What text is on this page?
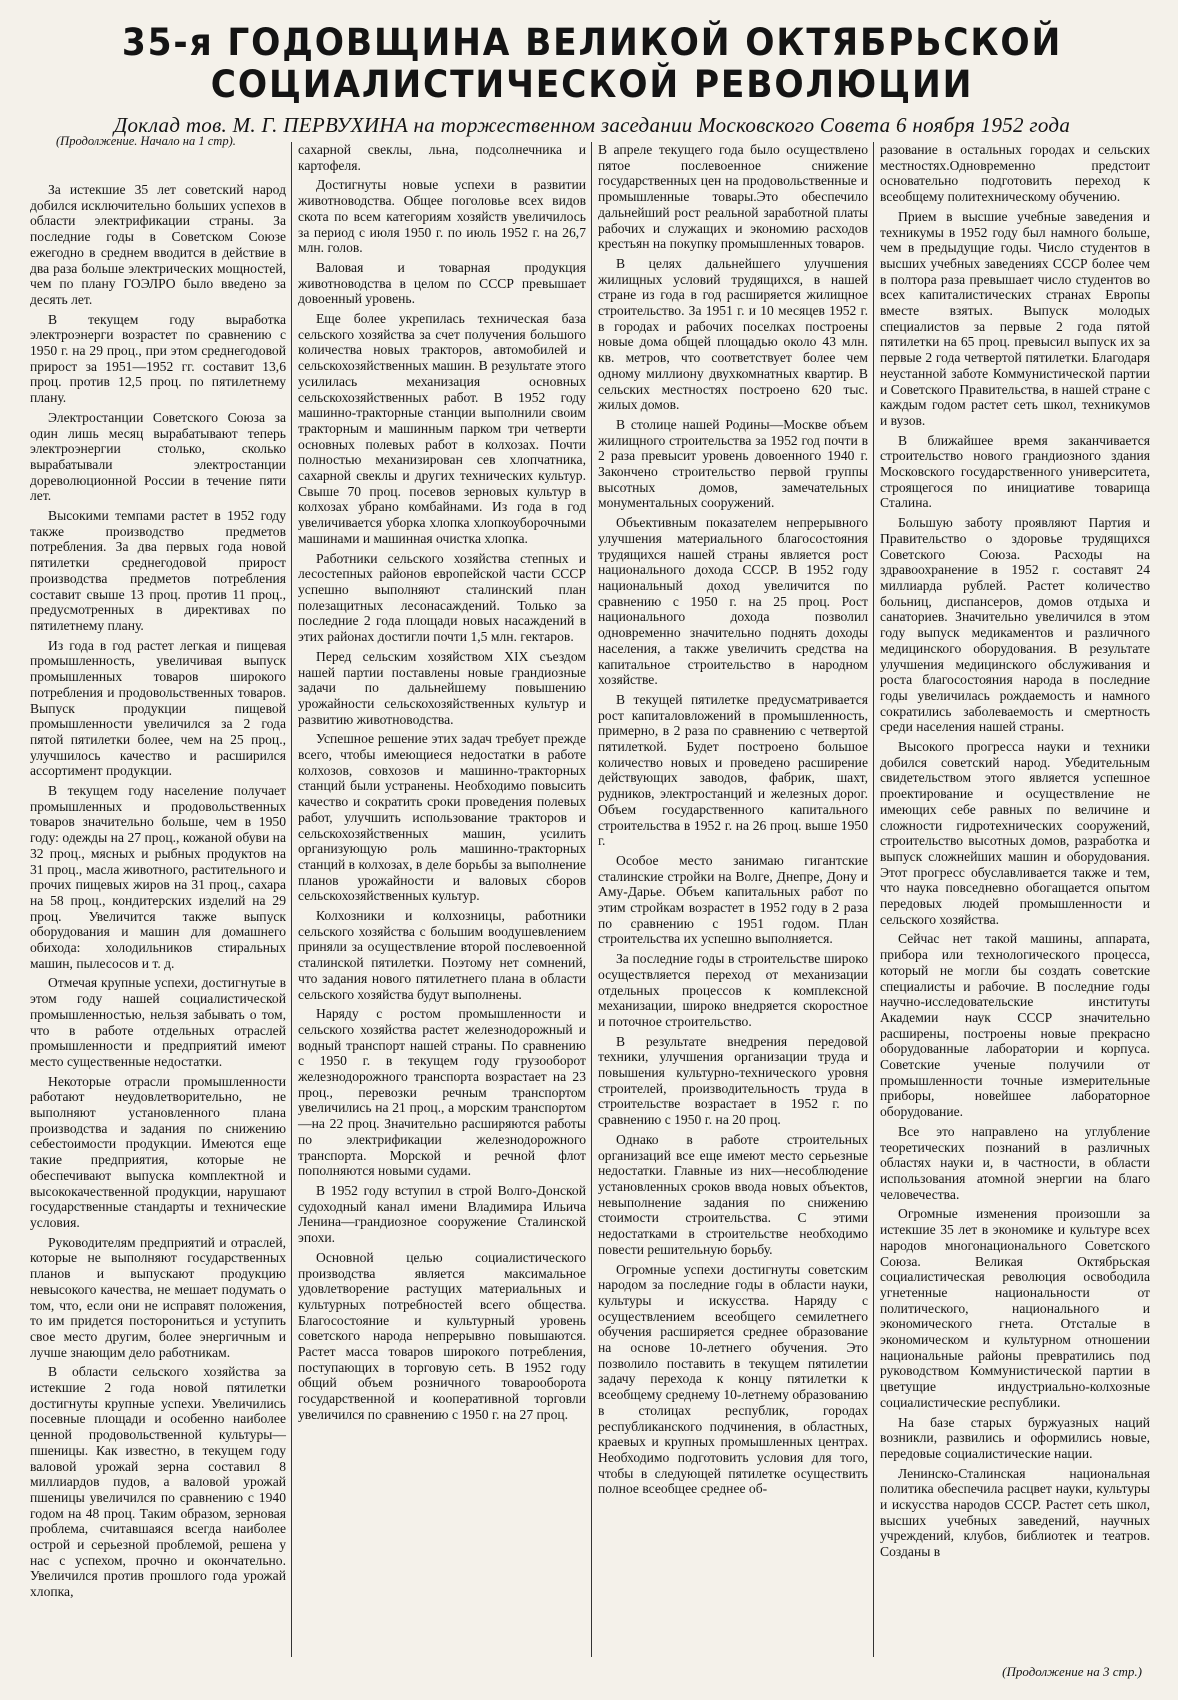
35-я ГОДОВЩИНА ВЕЛИКОЙ ОКТЯБРЬСКОЙ
СОЦИАЛИСТИЧЕСКОЙ РЕВОЛЮЦИИ
Доклад тов. М. Г. ПЕРВУХИНА на торжественном заседании Московского Совета 6 ноября 1952 года
(Продолжение. Начало на 1 стр).

За истекшие 35 лет советский народ добился исключительно больших успехов в области электрификации страны. За последние годы в Советском Союзе ежегодно в среднем вводится в действие в два раза больше электрических мощностей, чем по плану ГОЭЛРО было введено за десять лет.

В текущем году выработка электроэнерги возрастет по сравнению с 1950 г. на 29 проц., при этом среднегодовой прирост за 1951—1952 гг. составит 13,6 проц. против 12,5 проц. по пятилетнему плану.

Электростанции Советского Союза за один лишь месяц вырабатывают теперь электроэнергии столько, сколько вырабатывали электростанции дореволюционной России в течение пяти лет.

Высокими темпами растет в 1952 году также производство предметов потребления. За два первых года новой пятилетки среднегодовой прирост производства предметов потребления составит свыше 13 проц. против 11 проц., предусмотренных в директивах по пятилетнему плану.

Из года в год растет легкая и пищевая промышленность, увеличивая выпуск промышленных товаров широкого потребления и продовольственных товаров. Выпуск продукции пищевой промышленности увеличился за 2 года пятой пятилетки более, чем на 25 проц., улучшилось качество и расширился ассортимент продукции.

В текущем году население получает промышленных и продовольственных товаров значительно больше, чем в 1950 году: одежды на 27 проц., кожаной обуви на 32 проц., мясных и рыбных продуктов на 31 проц., масла животного, растительного и прочих пищевых жиров на 31 проц., сахара на 58 проц., кондитерских изделий на 29 проц. Увеличится также выпуск оборудования и машин для домашнего обихода: холодильников стиральных машин, пылесосов и т. д.

Отмечая крупные успехи, достигнутые в этом году нашей социалистической промышленностью, нельзя забывать о том, что в работе отдельных отраслей промышленности и предприятий имеют место существенные недостатки.

Некоторые отрасли промышленности работают неудовлетворительно, не выполняют установленного плана производства и задания по снижению себестоимости продукции. Имеются еще такие предприятия, которые не обеспечивают выпуска комплектной и высококачественной продукции, нарушают государственные стандарты и технические условия.

Руководителям предприятий и отраслей, которые не выполняют государственных планов и выпускают продукцию невысокого качества, не мешает подумать о том, что, если они не исправят положения, то им придется посторониться и уступить свое место другим, более энергичным и лучше знающим дело работникам.

В области сельского хозяйства за истекшие 2 года новой пятилетки достигнуты крупные успехи. Увеличились посевные площади и особенно наиболее ценной продовольственной культуры—пшеницы. Как известно, в текущем году валовой урожай зерна составил 8 миллиардов пудов, а валовой урожай пшеницы увеличился по сравнению с 1940 годом на 48 проц. Таким образом, зерновая проблема, считавшаяся всегда наиболее острой и серьезной проблемой, решена у нас с успехом, прочно и окончательно. Увеличился против прошлого года урожай хлопка,

сахарной свеклы, льна, подсолнечника и картофеля.

Достигнуты новые успехи в развитии животноводства. Общее поголовье всех видов скота по всем категориям хозяйств увеличилось за период с июля 1950 г. по июль 1952 г. на 26,7 млн. голов.

Валовая и товарная продукция животноводства в целом по СССР превышает довоенный уровень.

Еще более укрепилась техническая база сельского хозяйства за счет получения большого количества новых тракторов, автомобилей и сельскохозяйственных машин. В результате этого усилилась механизация основных сельскохозяйственных работ. В 1952 году машинно-тракторные станции выполнили своим тракторным и машинным парком три четверти основных полевых работ в колхозах. Почти полностью механизирован сев хлопчатника, сахарной свеклы и других технических культур. Свыше 70 проц. посевов зерновых культур в колхозах убрано комбайнами. Из года в год увеличивается уборка хлопка хлопкоуборочными машинами и машинная очистка хлопка.

Работники сельского хозяйства степных и лесостепных районов европейской части СССР успешно выполняют сталинский план полезащитных лесонасаждений. Только за последние 2 года площади новых насаждений в этих районах достигли почти 1,5 млн. гектаров.

Перед сельским хозяйством XIX съездом нашей партии поставлены новые грандиозные задачи по дальнейшему повышению урожайности сельскохозяйственных культур и развитию животноводства.

Успешное решение этих задач требует прежде всего, чтобы имеющиеся недостатки в работе колхозов, совхозов и машинно-тракторных станций были устранены. Необходимо повысить качество и сократить сроки проведения полевых работ, улучшить использование тракторов и сельскохозяйственных машин, усилить организующую роль машинно-тракторных станций в колхозах, в деле борьбы за выполнение планов урожайности и валовых сборов сельскохозяйственных культур.

Колхозники и колхозницы, работники сельского хозяйства с большим воодушевлением приняли за осуществление второй послевоенной сталинской пятилетки. Поэтому нет сомнений, что задания нового пятилетнего плана в области сельского хозяйства будут выполнены.

Наряду с ростом промышленности и сельского хозяйства растет железнодорожный и водный транспорт нашей страны. По сравнению с 1950 г. в текущем году грузооборот железнодорожного транспорта возрастает на 23 проц., перевозки речным транспортом увеличились на 21 проц., а морским транспортом—на 22 проц. Значительно расширяются работы по электрификации железнодорожного транспорта. Морской и речной флот пополняются новыми судами.

В 1952 году вступил в строй Волго-Донской судоходный канал имени Владимира Ильича Ленина—грандиозное сооружение Сталинской эпохи.

Основной целью социалистического производства является максимальное удовлетворение растущих материальных и культурных потребностей всего общества. Благосостояние и культурный уровень советского народа непрерывно повышаются. Растет масса товаров широкого потребления, поступающих в торговую сеть. В 1952 году общий объем розничного товарооборота государственной и кооперативной торговли увеличился по сравнению с 1950 г. на 27 проц.

В апреле текущего года было осуществлено пятое послевоенное снижение государственных цен на продовольственные и промышленные товары.Это обеспечило дальнейший рост реальной заработной платы рабочих и служащих и экономию расходов крестьян на покупку промышленных товаров.

В целях дальнейшего улучшения жилищных условий трудящихся, в нашей стране из года в год расширяется жилищное строительство. За 1951 г. и 10 месяцев 1952 г. в городах и рабочих поселках построены новые дома общей площадью около 43 млн. кв. метров, что соответствует более чем одному миллиону двухкомнатных квартир. В сельских местностях построено 620 тыс. жилых домов.

В столице нашей Родины—Москве объем жилищного строительства за 1952 год почти в 2 раза превысит уровень довоенного 1940 г. Закончено строительство первой группы высотных домов, замечательных монументальных сооружений.

Объективным показателем непрерывного улучшения материального благосостояния трудящихся нашей страны является рост национального дохода СССР. В 1952 году национальный доход увеличится по сравнению с 1950 г. на 25 проц. Рост национального дохода позволил одновременно значительно поднять доходы населения, а также увеличить средства на капитальное строительство в народном хозяйстве.

В текущей пятилетке предусматривается рост капиталовложений в промышленность, примерно, в 2 раза по сравнению с четвертой пятилеткой. Будет построено большое количество новых и проведено расширение действующих заводов, фабрик, шахт, рудников, электростанций и железных дорог. Объем государственного капитального строительства в 1952 г. на 26 проц. выше 1950 г.

Особое место занимаю гигантские сталинские стройки на Волге, Днепре, Дону и Аму-Дарье. Объем капитальных работ по этим стройкам возрастет в 1952 году в 2 раза по сравнению с 1951 годом. План строительства их успешно выполняется.

За последние годы в строительстве широко осуществляется переход от механизации отдельных процессов к комплексной механизации, широко внедряется скоростное и поточное строительство.

В результате внедрения передовой техники, улучшения организации труда и повышения культурно-технического уровня строителей, производительность труда в строительстве возрастает в 1952 г. по сравнению с 1950 г. на 20 проц.

Однако в работе строительных организаций все еще имеют место серьезные недостатки. Главные из них—несоблюдение установленных сроков ввода новых объектов, невыполнение задания по снижению стоимости строительства. С этими недостатками в строительстве необходимо повести решительную борьбу.

Огромные успехи достигнуты советским народом за последние годы в области науки, культуры и искусства. Наряду с осуществлением всеобщего семилетнего обучения расширяется среднее образование на основе 10-летнего обучения. Это позволило поставить в текущем пятилетии задачу перехода к концу пятилетки к всеобщему среднему 10-летнему образованию в столицах республик, городах республиканского подчинения, в областных, краевых и крупных промышленных центрах. Необходимо подготовить условия для того, чтобы в следующей пятилетке осуществить полное всеобщее среднее об-

разование в остальных городах и сельских местностях.Одновременно предстоит основательно подготовить переход к всеобщему политехническому обучению.

Прием в высшие учебные заведения и техникумы в 1952 году был намного больше, чем в предыдущие годы. Число студентов в высших учебных заведениях СССР более чем в полтора раза превышает число студентов во всех капиталистических странах Европы вместе взятых. Выпуск молодых специалистов за первые 2 года пятой пятилетки на 65 проц. превысил выпуск их за первые 2 года четвертой пятилетки. Благодаря неустанной заботе Коммунистической партии и Советского Правительства, в нашей стране с каждым годом растет сеть школ, техникумов и вузов.

В ближайшее время заканчивается строительство нового грандиозного здания Московского государственного университета, строящегося по инициативе товарища Сталина.

Большую заботу проявляют Партия и Правительство о здоровье трудящихся Советского Союза. Расходы на здравоохранение в 1952 г. составят 24 миллиарда рублей. Растет количество больниц, диспансеров, домов отдыха и санаториев. Значительно увеличился в этом году выпуск медикаментов и различного медицинского оборудования. В результате улучшения медицинского обслуживания и роста благосостояния народа в последние годы увеличилась рождаемость и намного сократились заболеваемость и смертность среди населения нашей страны.

Высокого прогресса науки и техники добился советский народ. Убедительным свидетельством этого является успешное проектирование и осуществление не имеющих себе равных по величине и сложности гидротехнических сооружений, строительство высотных домов, разработка и выпуск сложнейших машин и оборудования. Этот прогресс обуславливается также и тем, что наука повседневно обогащается опытом передовых людей промышленности и сельского хозяйства.

Сейчас нет такой машины, аппарата, прибора или технологического процесса, который не могли бы создать советские специалисты и рабочие. В последние годы научно-исследовательские институты Академии наук СССР значительно расширены, построены новые прекрасно оборудованные лаборатории и корпуса. Советские ученые получили от промышленности точные измерительные приборы, новейшее лабораторное оборудование.

Все это направлено на углубление теоретических познаний в различных областях науки и, в частности, в области использования атомной энергии на благо человечества.

Огромные изменения произошли за истекшие 35 лет в экономике и культуре всех народов многонационального Советского Союза. Великая Октябрьская социалистическая революция освободила угнетенные национальности от политического, национального и экономического гнета. Отсталые в экономическом и культурном отношении национальные районы превратились под руководством Коммунистической партии в цветущие индустриально-колхозные социалистические республики.

На базе старых буржуазных наций возникли, развились и оформились новые, передовые социалистические нации.

Ленинско-Сталинская национальная политика обеспечила расцвет науки, культуры и искусства народов СССР. Растет сеть школ, высших учебных заведений, научных учреждений, клубов, библиотек и театров. Созданы в

(Продолжение на 3 стр.)
